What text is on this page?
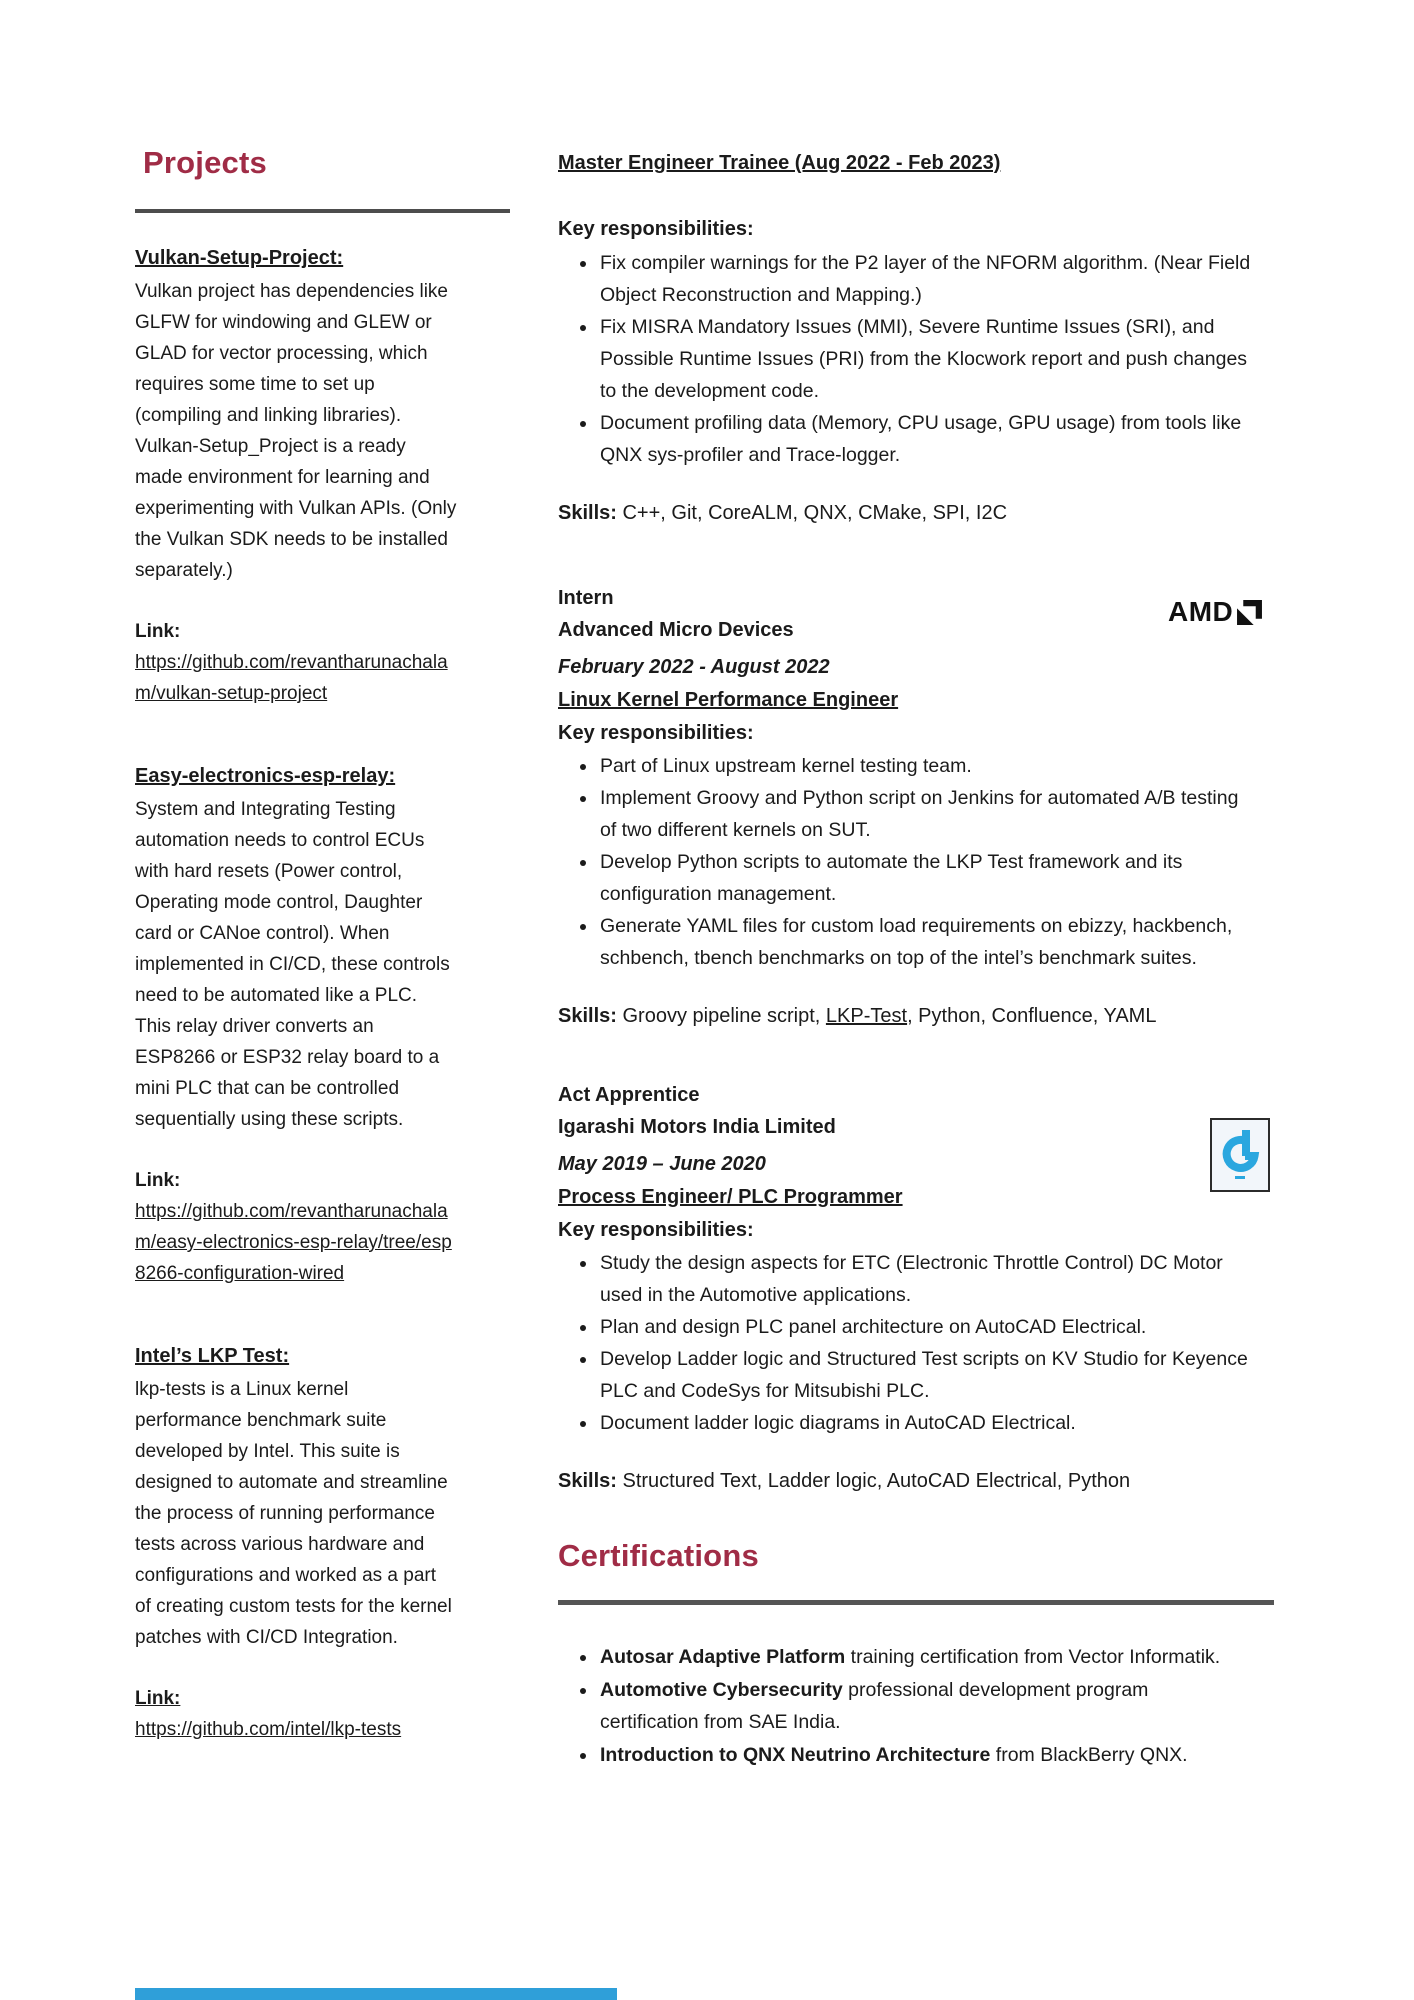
Projects
Vulkan-Setup-Project:

Vulkan project has dependencies like GLFW for windowing and GLEW or GLAD for vector processing, which requires some time to set up (compiling and linking libraries). Vulkan-Setup_Project is a ready made environment for learning and experimenting with Vulkan APIs. (Only the Vulkan SDK needs to be installed separately.)

Link:
https://github.com/revantharunachalam/vulkan-setup-project
Easy-electronics-esp-relay:

System and Integrating Testing automation needs to control ECUs with hard resets (Power control, Operating mode control, Daughter card or CANoe control). When implemented in CI/CD, these controls need to be automated like a PLC. This relay driver converts an ESP8266 or ESP32 relay board to a mini PLC that can be controlled sequentially using these scripts.

Link:
https://github.com/revantharunachalam/easy-electronics-esp-relay/tree/esp8266-configuration-wired
Intel’s LKP Test:

lkp-tests is a Linux kernel performance benchmark suite developed by Intel. This suite is designed to automate and streamline the process of running performance tests across various hardware and configurations and worked as a part of creating custom tests for the kernel patches with CI/CD Integration.

Link:
https://github.com/intel/lkp-tests
Master Engineer Trainee (Aug 2022 - Feb 2023)
Key responsibilities:
• Fix compiler warnings for the P2 layer of the NFORM algorithm. (Near Field Object Reconstruction and Mapping.)
• Fix MISRA Mandatory Issues (MMI), Severe Runtime Issues (SRI), and Possible Runtime Issues (PRI) from the Klocwork report and push changes to the development code.
• Document profiling data (Memory, CPU usage, GPU usage) from tools like QNX sys-profiler and Trace-logger.
Skills: C++, Git, CoreALM, QNX, CMake, SPI, I2C
Intern
Advanced Micro Devices
February 2022 - August 2022
Linux Kernel Performance Engineer
Key responsibilities:
• Part of Linux upstream kernel testing team.
• Implement Groovy and Python script on Jenkins for automated A/B testing of two different kernels on SUT.
• Develop Python scripts to automate the LKP Test framework and its configuration management.
• Generate YAML files for custom load requirements on ebizzy, hackbench, schbench, tbench benchmarks on top of the intel’s benchmark suites.
Skills: Groovy pipeline script, LKP-Test, Python, Confluence, YAML
Act Apprentice
Igarashi Motors India Limited
May 2019 – June 2020
Process Engineer/ PLC Programmer
Key responsibilities:
• Study the design aspects for ETC (Electronic Throttle Control) DC Motor used in the Automotive applications.
• Plan and design PLC panel architecture on AutoCAD Electrical.
• Develop Ladder logic and Structured Test scripts on KV Studio for Keyence PLC and CodeSys for Mitsubishi PLC.
• Document ladder logic diagrams in AutoCAD Electrical.
Skills: Structured Text, Ladder logic, AutoCAD Electrical, Python
Certifications
• Autosar Adaptive Platform training certification from Vector Informatik.
• Automotive Cybersecurity professional development program certification from SAE India.
• Introduction to QNX Neutrino Architecture from BlackBerry QNX.
AMD
